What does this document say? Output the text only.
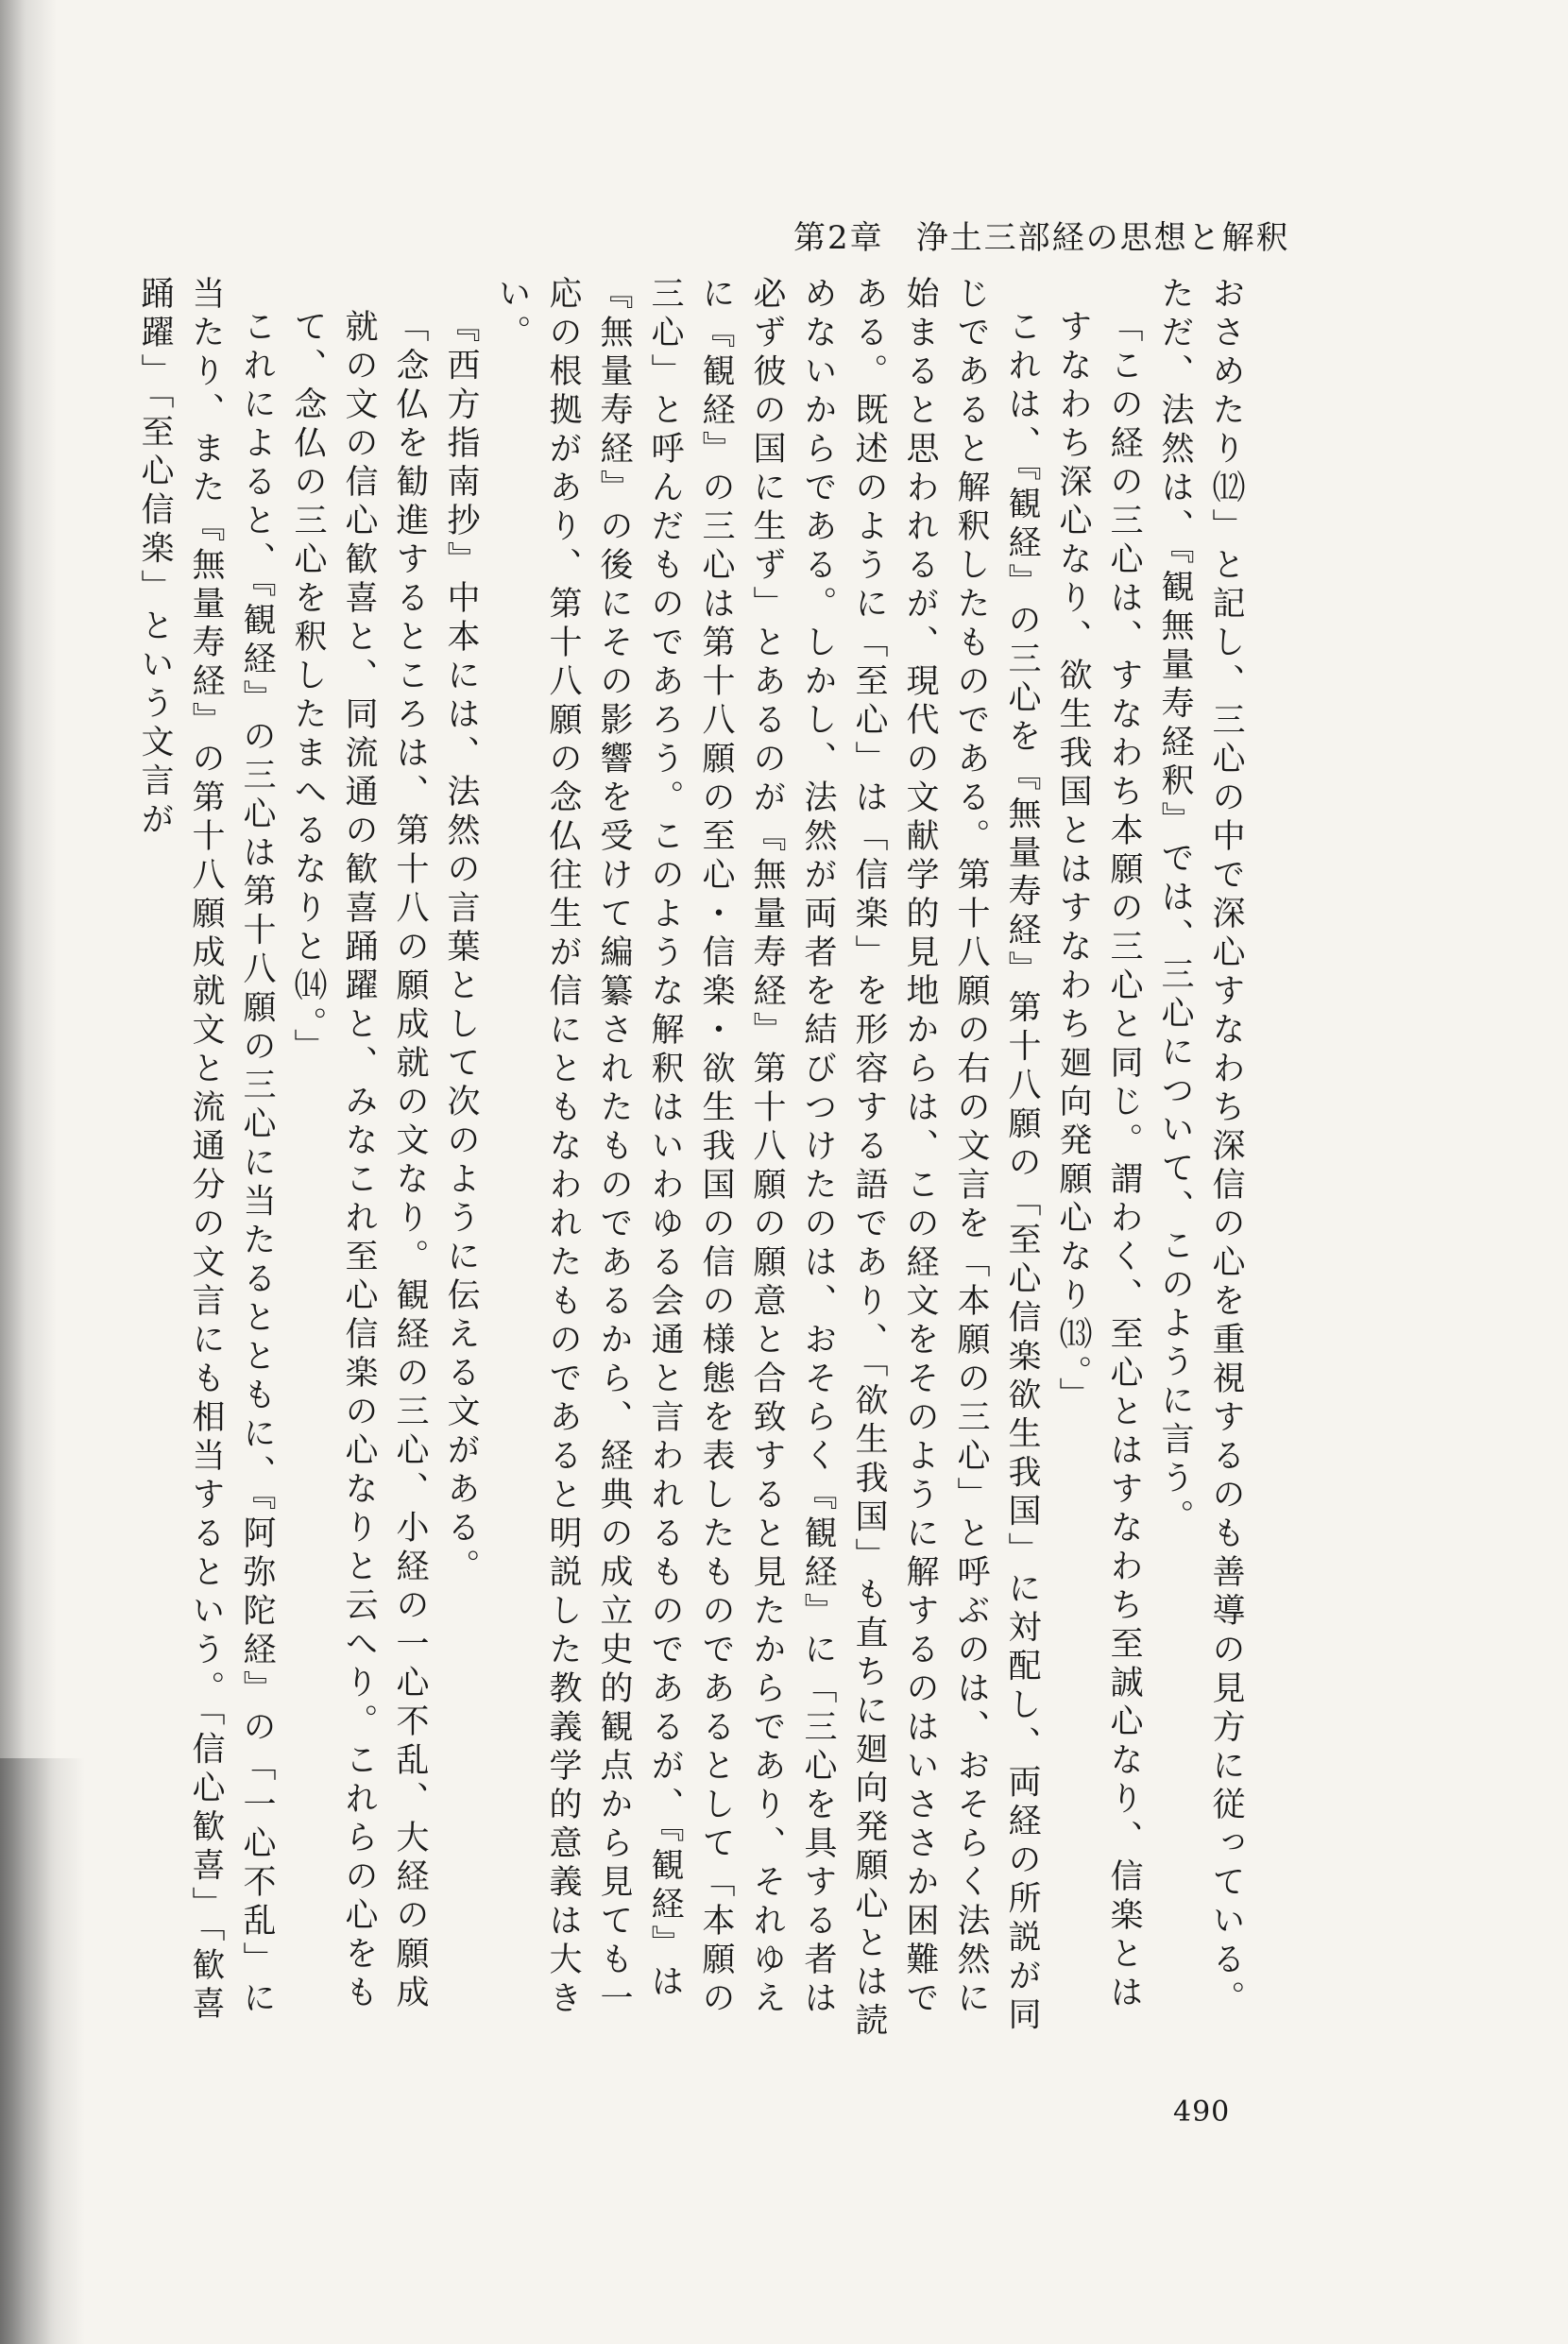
第2章 浄土三部経の思想と解釈

おさめたり⑿」と記し、三心の中で深心すなわち深信の心を重視するのも善導の見方に従っている。ただ、法然は、『観無量寿経釈』では、三心について、このように言う。

「この経の三心は、すなわち本願の三心と同じ。謂わく、至心とはすなわち至誠心なり、信楽とはすなわち深心なり、欲生我国とはすなわち廻向発願心なり⒀。」

これは、『観経』の三心を『無量寿経』第十八願の「至心信楽欲生我国」に対配し、両経の所説が同じであると解釈したものである。第十八願の右の文言を「本願の三心」と呼ぶのは、おそらく法然に始まると思われるが、現代の文献学的見地からは、この経文をそのように解するのはいささか困難である。既述のように「至心」は「信楽」を形容する語であり、「欲生我国」も直ちに廻向発願心とは読めないからである。しかし、法然が両者を結びつけたのは、おそらく『観経』に「三心を具する者は必ず彼の国に生ず」とあるのが『無量寿経』第十八願の願意と合致すると見たからであり、それゆえに『観経』の三心は第十八願の至心・信楽・欲生我国の信の様態を表したものであるとして「本願の三心」と呼んだものであろう。このような解釈はいわゆる会通と言われるものであるが、『観経』は『無量寿経』の後にその影響を受けて編纂されたものであるから、経典の成立史的観点から見ても一応の根拠があり、第十八願の念仏往生が信にともなわれたものであると明説した教義学的意義は大きい。

『西方指南抄』中本には、法然の言葉として次のように伝える文がある。

「念仏を勧進するところは、第十八の願成就の文なり。観経の三心、小経の一心不乱、大経の願成就の文の信心歓喜と、同流通の歓喜踊躍と、みなこれ至心信楽の心なりと云へり。これらの心をもて、念仏の三心を釈したまへるなりと⒁。」

これによると、『観経』の三心は第十八願の三心に当たるとともに、『阿弥陀経』の「一心不乱」に当たり、また『無量寿経』の第十八願成就文と流通分の文言にも相当するという。「信心歓喜」「歓喜踊躍」「至心信楽」という文言が

490
